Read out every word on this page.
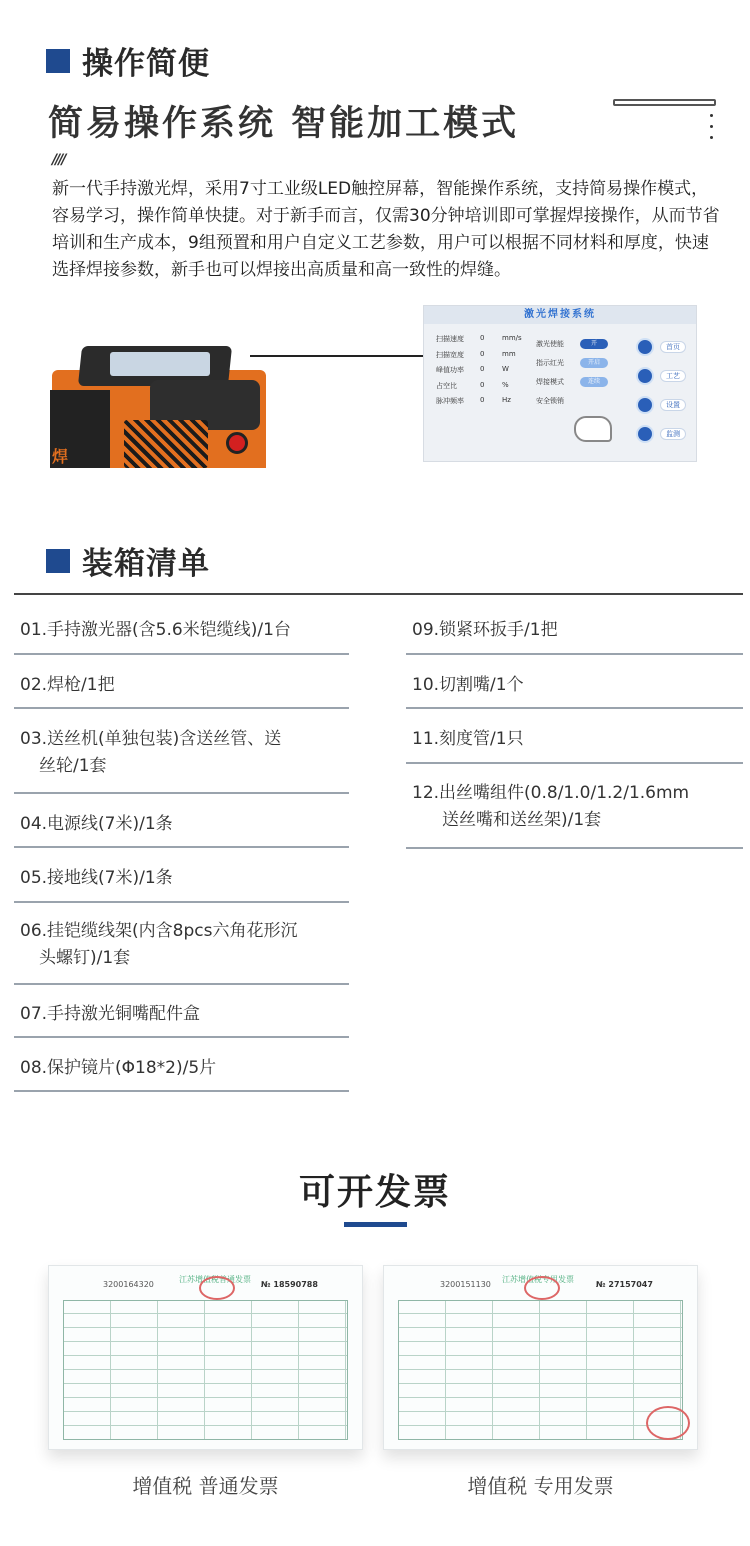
操作简便
简易操作系统 智能加工模式
////
新一代手持激光焊，采用7寸工业级LED触控屏幕，智能操作系统，支持简易操作模式，容易学习，操作简单快捷。对于新手而言，仅需30分钟培训即可掌握焊接操作，从而节省培训和生产成本，9组预置和用户自定义工艺参数，用户可以根据不同材料和厚度，快速选择焊接参数，新手也可以焊接出高质量和高一致性的焊缝。
焊
激光焊接系统
扫描速度	0	mm/s
扫描宽度	0	mm
峰值功率	0	W
占空比	0	%
脉冲频率	0	Hz
激光使能	开
指示红光	开启
焊接模式	连续
安全锁销
首页
工艺
设置
监测
装箱清单
01.手持激光器(含5.6米铠缆线)/1台
02.焊枪/1把
03.送丝机(单独包装)含送丝管、送
丝轮/1套
04.电源线(7米)/1条
05.接地线(7米)/1条
06.挂铠缆线架(内含8pcs六角花形沉
头螺钉)/1套
07.手持激光铜嘴配件盒
08.保护镜片(Φ18*2)/5片
09.锁紧环扳手/1把
10.切割嘴/1个
11.刻度管/1只
12.出丝嘴组件(0.8/1.0/1.2/1.6mm
送丝嘴和送丝架)/1套
可开发票
3200164320
江苏增值税普通发票
№ 18590788
增值税 普通发票
3200151130
江苏增值税专用发票
№ 27157047
增值税 专用发票
